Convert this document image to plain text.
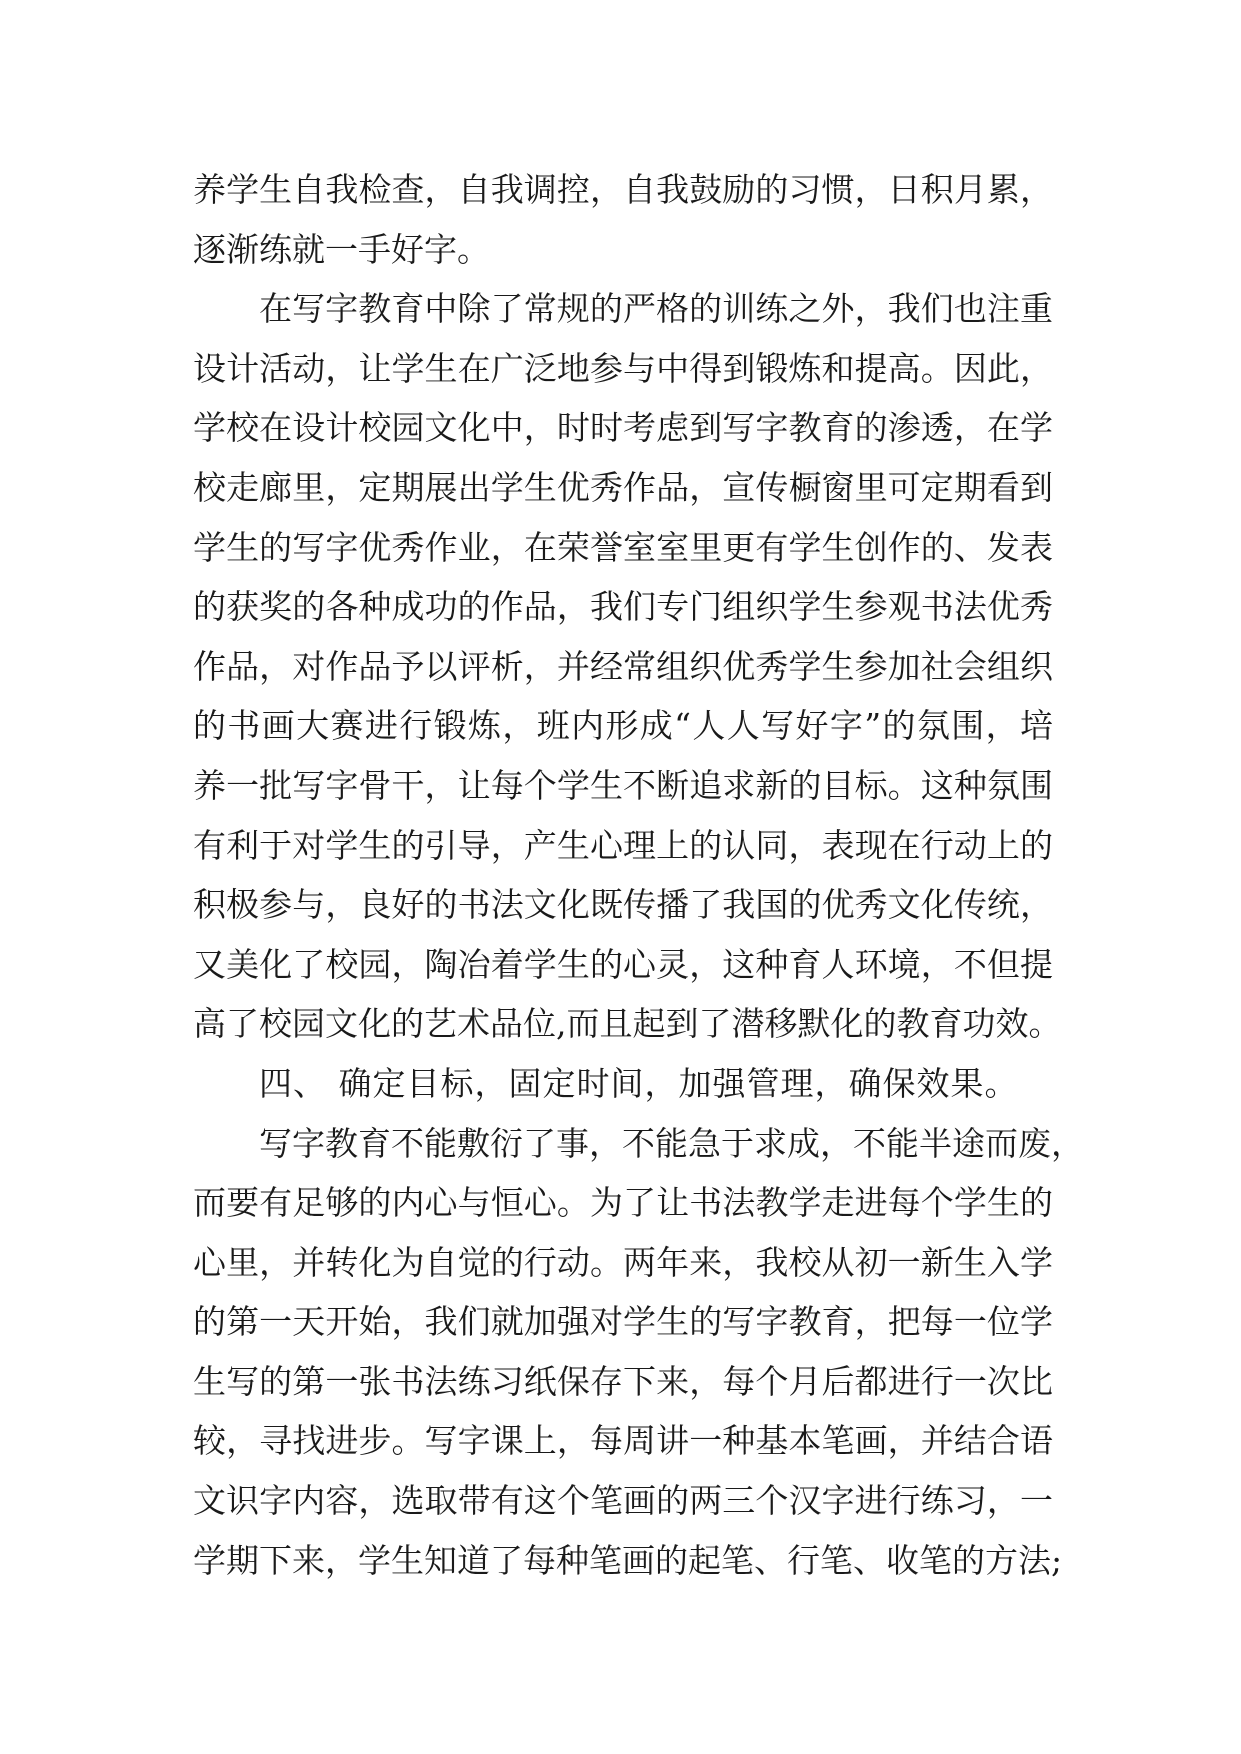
养学生自我检查，自我调控，自我鼓励的习惯，日积月累，
逐渐练就一手好字。
在写字教育中除了常规的严格的训练之外，我们也注重
设计活动，让学生在广泛地参与中得到锻炼和提高。因此，
学校在设计校园文化中，时时考虑到写字教育的渗透，在学
校走廊里，定期展出学生优秀作品，宣传橱窗里可定期看到
学生的写字优秀作业，在荣誉室室里更有学生创作的、发表
的获奖的各种成功的作品，我们专门组织学生参观书法优秀
作品，对作品予以评析，并经常组织优秀学生参加社会组织
的书画大赛进行锻炼，班内形成“人人写好字”的氛围，培
养一批写字骨干，让每个学生不断追求新的目标。这种氛围
有利于对学生的引导，产生心理上的认同，表现在行动上的
积极参与，良好的书法文化既传播了我国的优秀文化传统，
又美化了校园，陶冶着学生的心灵，这种育人环境，不但提
高了校园文化的艺术品位,而且起到了潜移默化的教育功效。
四、 确定目标，固定时间，加强管理，确保效果。
写字教育不能敷衍了事，不能急于求成，不能半途而废，
而要有足够的内心与恒心。为了让书法教学走进每个学生的
心里，并转化为自觉的行动。两年来，我校从初一新生入学
的第一天开始，我们就加强对学生的写字教育，把每一位学
生写的第一张书法练习纸保存下来，每个月后都进行一次比
较，寻找进步。写字课上，每周讲一种基本笔画，并结合语
文识字内容，选取带有这个笔画的两三个汉字进行练习，一
学期下来，学生知道了每种笔画的起笔、行笔、收笔的方法;
